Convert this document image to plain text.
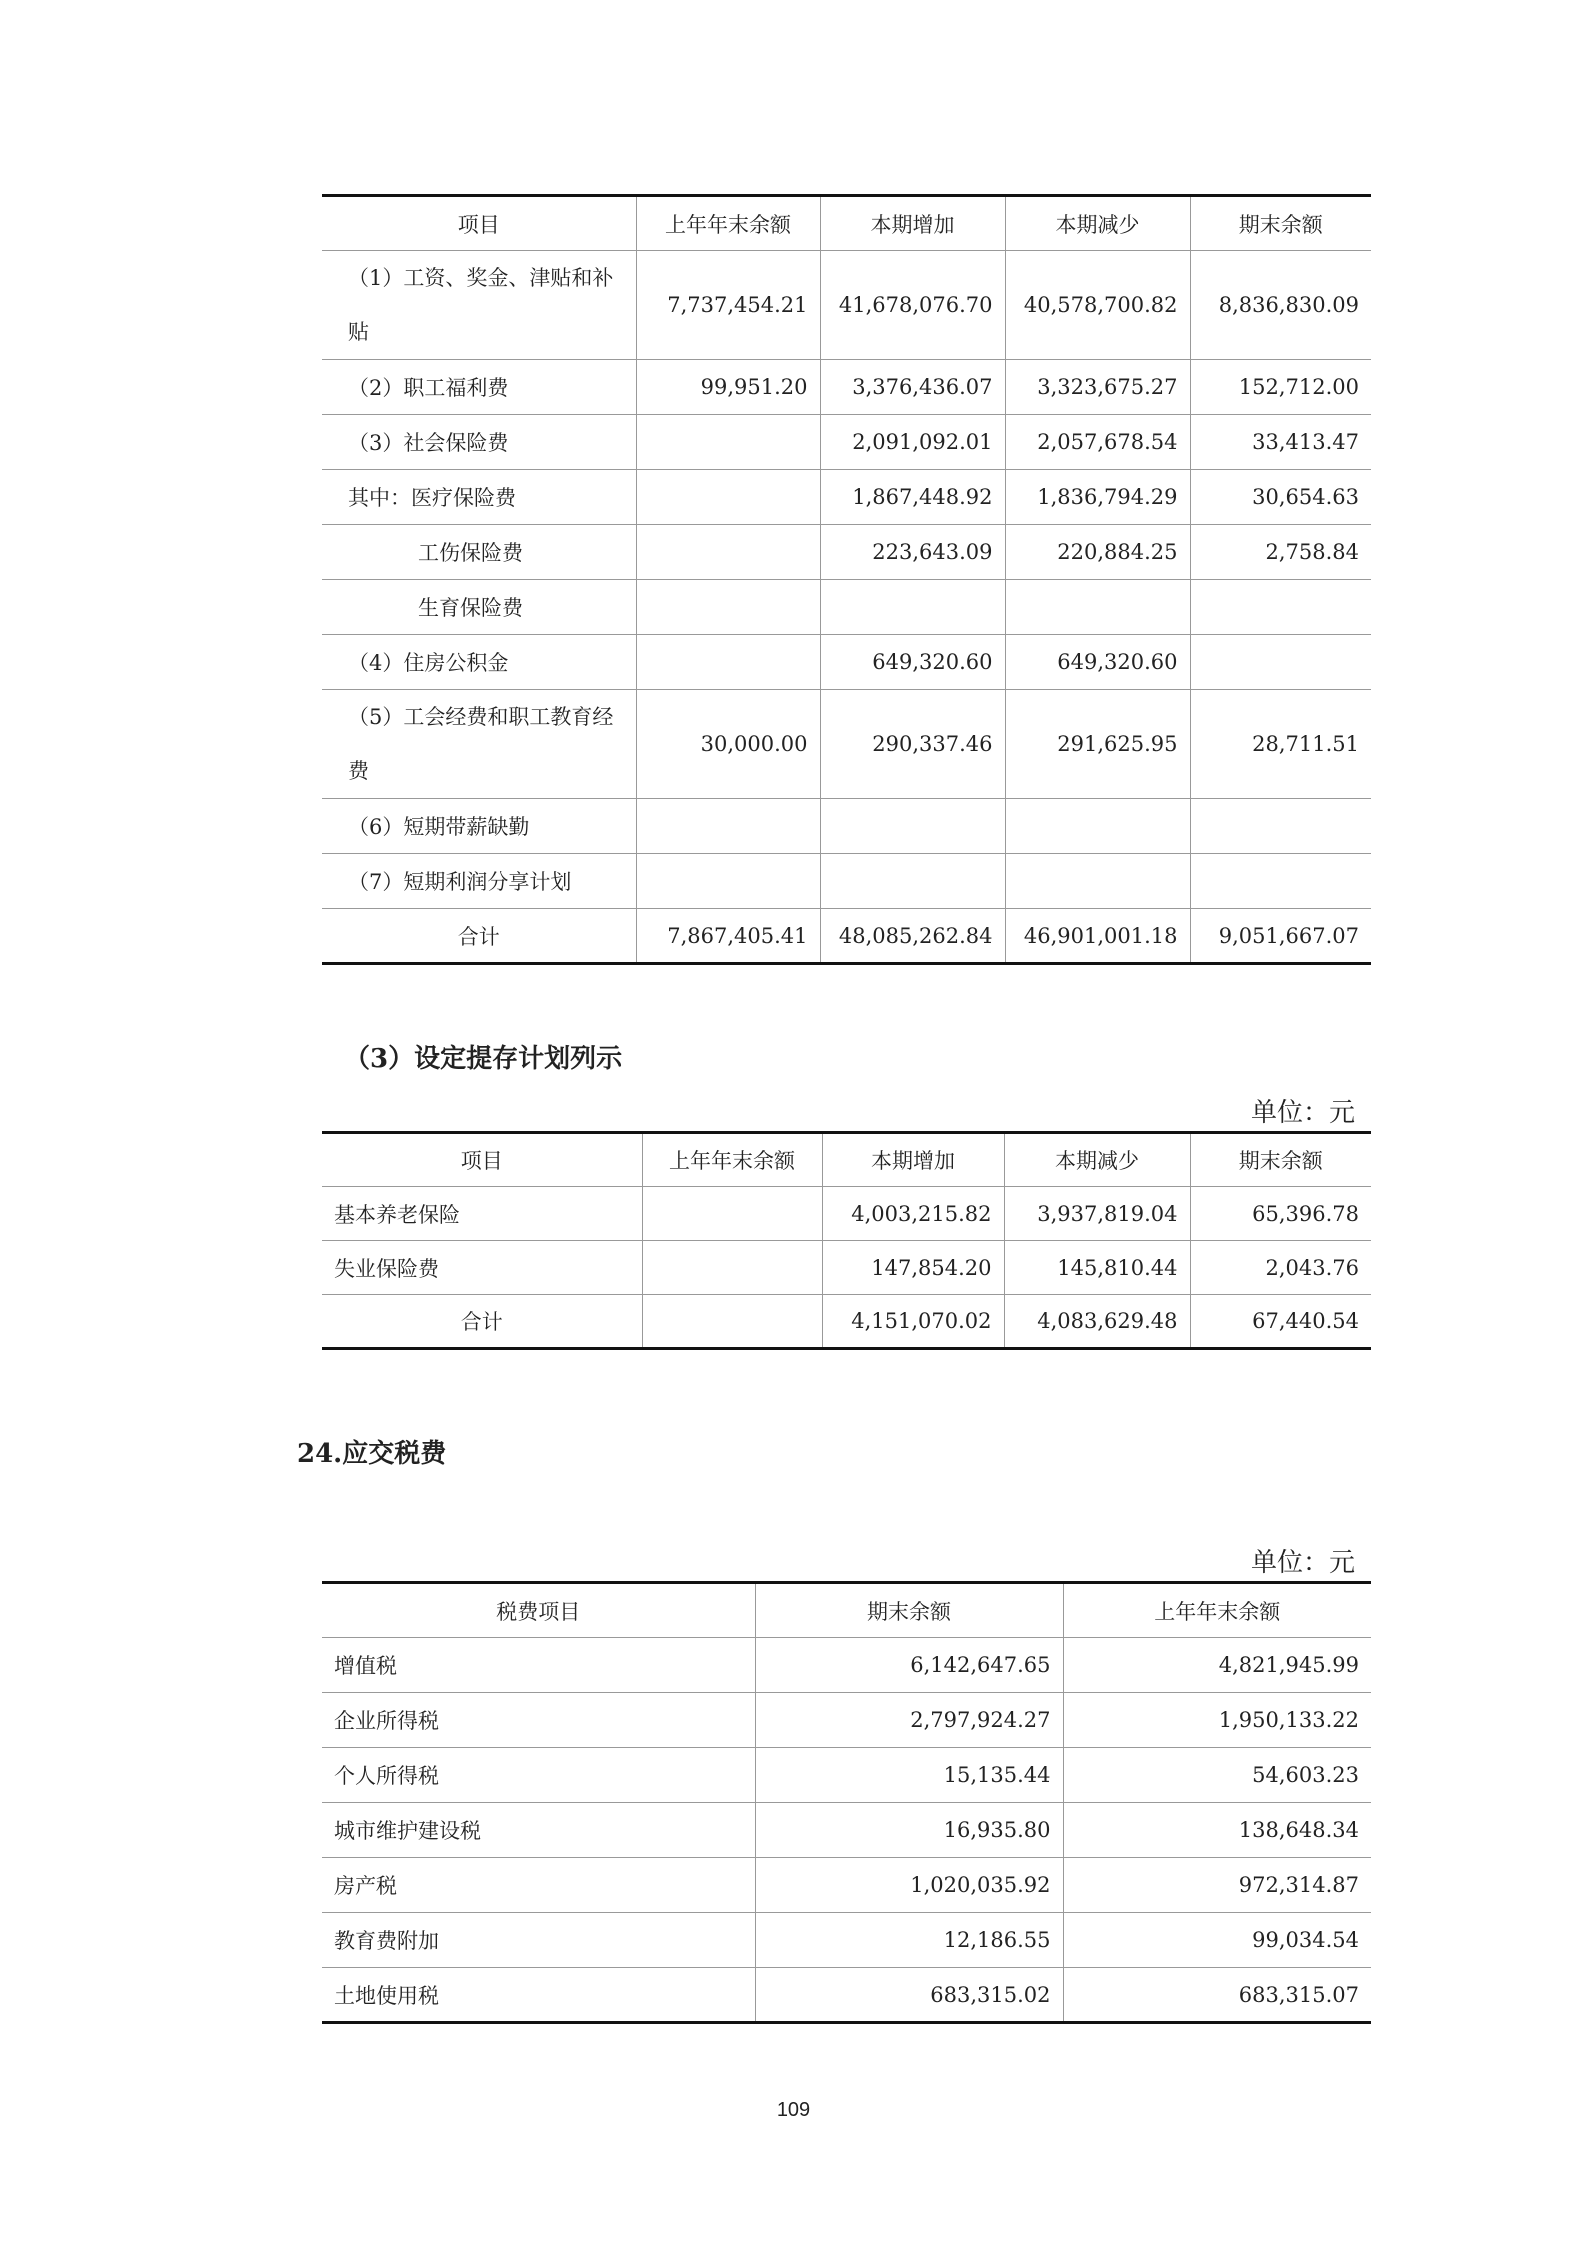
项目	上年年末余额	本期增加	本期减少	期末余额
（1）工资、奖金、津贴和补贴	7,737,454.21	41,678,076.70	40,578,700.82	8,836,830.09
（2）职工福利费	99,951.20	3,376,436.07	3,323,675.27	152,712.00
（3）社会保险费		2,091,092.01	2,057,678.54	33,413.47
其中：医疗保险费		1,867,448.92	1,836,794.29	30,654.63
工伤保险费		223,643.09	220,884.25	2,758.84
生育保险费				
（4）住房公积金		649,320.60	649,320.60	
（5）工会经费和职工教育经费	30,000.00	290,337.46	291,625.95	28,711.51
（6）短期带薪缺勤				
（7）短期利润分享计划				
合计	7,867,405.41	48,085,262.84	46,901,001.18	9,051,667.07
（3）设定提存计划列示
单位：元
项目	上年年末余额	本期增加	本期减少	期末余额
基本养老保险		4,003,215.82	3,937,819.04	65,396.78
失业保险费		147,854.20	145,810.44	2,043.76
合计		4,151,070.02	4,083,629.48	67,440.54
24.应交税费
单位：元
税费项目	期末余额	上年年末余额
增值税	6,142,647.65	4,821,945.99
企业所得税	2,797,924.27	1,950,133.22
个人所得税	15,135.44	54,603.23
城市维护建设税	16,935.80	138,648.34
房产税	1,020,035.92	972,314.87
教育费附加	12,186.55	99,034.54
土地使用税	683,315.02	683,315.07
109
